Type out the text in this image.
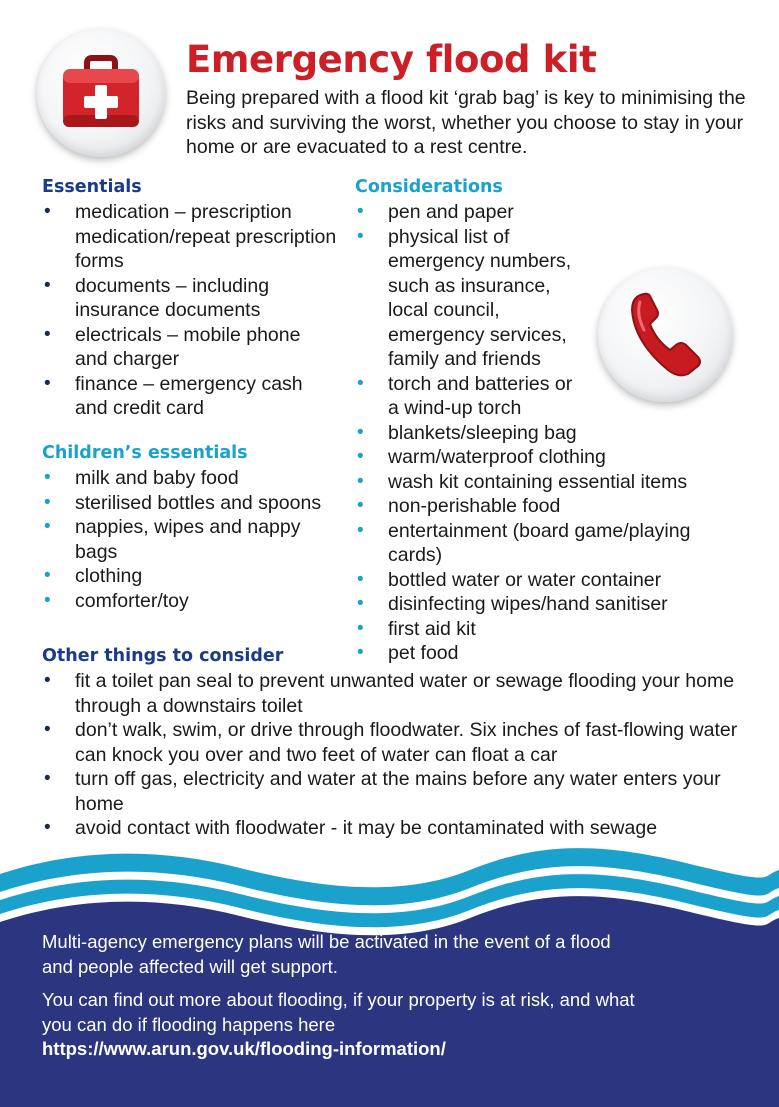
Emergency flood kit

Being prepared with a flood kit ‘grab bag’ is key to minimising the risks and surviving the worst, whether you choose to stay in your home or are evacuated to a rest centre.

Essentials
• medication – prescription medication/repeat prescription forms
• documents – including insurance documents
• electricals – mobile phone and charger
• finance – emergency cash and credit card
Children’s essentials
• milk and baby food
• sterilised bottles and spoons
• nappies, wipes and nappy bags
• clothing
• comforter/toy
Considerations
• pen and paper
• physical list of emergency numbers, such as insurance, local council, emergency services, family and friends
• torch and batteries or a wind-up torch
• blankets/sleeping bag
• warm/waterproof clothing
• wash kit containing essential items
• non-perishable food
• entertainment (board game/playing cards)
• bottled water or water container
• disinfecting wipes/hand sanitiser
• first aid kit
• pet food
Other things to consider
• fit a toilet pan seal to prevent unwanted water or sewage flooding your home through a downstairs toilet
• don’t walk, swim, or drive through floodwater. Six inches of fast-flowing water can knock you over and two feet of water can float a car
• turn off gas, electricity and water at the mains before any water enters your home
• avoid contact with floodwater - it may be contaminated with sewage

Multi-agency emergency plans will be activated in the event of a flood and people affected will get support.

You can find out more about flooding, if your property is at risk, and what you can do if flooding happens here
https://www.arun.gov.uk/flooding-information/
